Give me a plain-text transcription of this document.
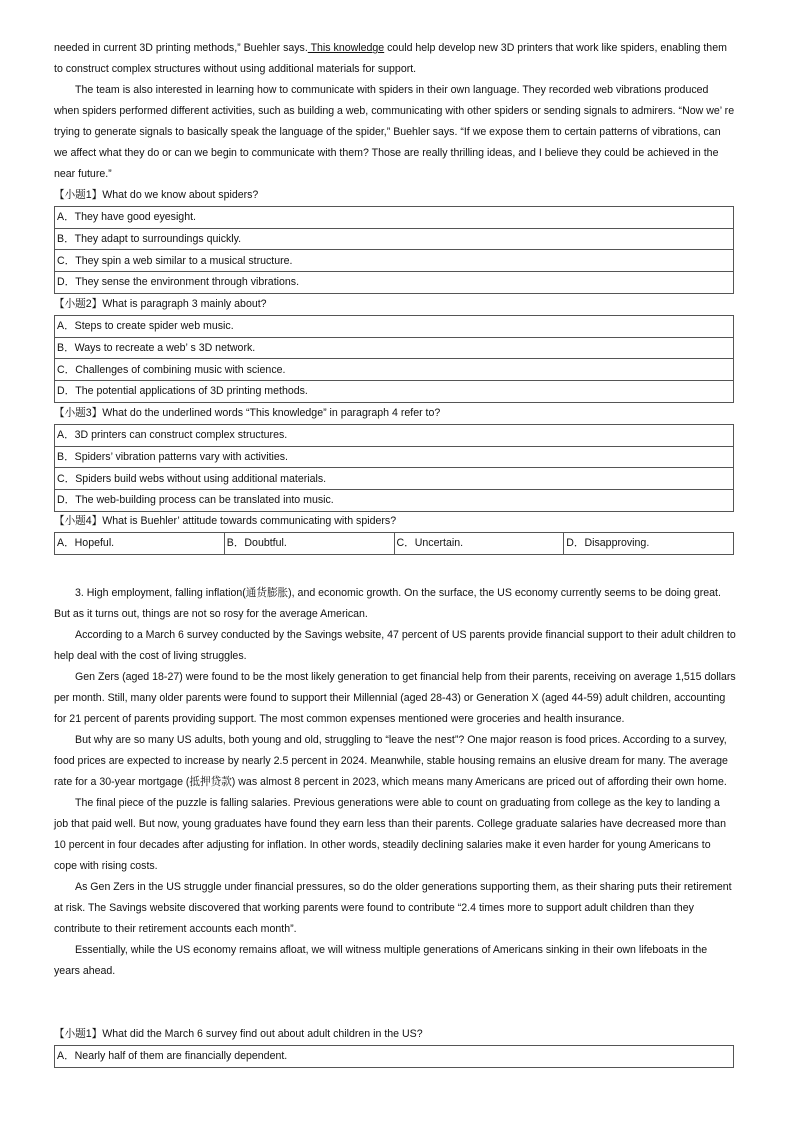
needed in current 3D printing methods,” Buehler says. This knowledge could help develop new 3D printers that work like spiders, enabling them to construct complex structures without using additional materials for support.

The team is also interested in learning how to communicate with spiders in their own language. They recorded web vibrations produced when spiders performed different activities, such as building a web, communicating with other spiders or sending signals to admirers. “Now we’ re trying to generate signals to basically speak the language of the spider,” Buehler says. “If we expose them to certain patterns of vibrations, can we affect what they do or can we begin to communicate with them? Those are really thrilling ideas, and I believe they could be achieved in the near future.”

【小题1】What do we know about spiders?
A．They have good eyesight.
B．They adapt to surroundings quickly.
C．They spin a web similar to a musical structure.
D．They sense the environment through vibrations.
【小题2】What is paragraph 3 mainly about?
A．Steps to create spider web music.
B．Ways to recreate a web’ s 3D network.
C．Challenges of combining music with science.
D．The potential applications of 3D printing methods.
【小题3】What do the underlined words “This knowledge” in paragraph 4 refer to?
A．3D printers can construct complex structures.
B．Spiders’ vibration patterns vary with activities.
C．Spiders build webs without using additional materials.
D．The web-building process can be translated into music.
【小题4】What is Buehler’ attitude towards communicating with spiders?
A．Hopeful.	B．Doubtful.	C．Uncertain.	D．Disapproving.

3. High employment, falling inflation(通货膨胀), and economic growth. On the surface, the US economy currently seems to be doing great. But as it turns out, things are not so rosy for the average American.

According to a March 6 survey conducted by the Savings website, 47 percent of US parents provide financial support to their adult children to help deal with the cost of living struggles.

Gen Zers (aged 18-27) were found to be the most likely generation to get financial help from their parents, receiving on average 1,515 dollars per month. Still, many older parents were found to support their Millennial (aged 28-43) or Generation X (aged 44-59) adult children, accounting for 21 percent of parents providing support. The most common expenses mentioned were groceries and health insurance.

But why are so many US adults, both young and old, struggling to “leave the nest”? One major reason is food prices. According to a survey, food prices are expected to increase by nearly 2.5 percent in 2024. Meanwhile, stable housing remains an elusive dream for many. The average rate for a 30-year mortgage (抵押贷款) was almost 8 percent in 2023, which means many Americans are priced out of affording their own home.

The final piece of the puzzle is falling salaries. Previous generations were able to count on graduating from college as the key to landing a job that paid well. But now, young graduates have found they earn less than their parents. College graduate salaries have decreased more than 10 percent in four decades after adjusting for inflation. In other words, steadily declining salaries make it even harder for young Americans to cope with rising costs.

As Gen Zers in the US struggle under financial pressures, so do the older generations supporting them, as their sharing puts their retirement at risk. The Savings website discovered that working parents were found to contribute “2.4 times more to support adult children than they contribute to their retirement accounts each month”.

Essentially, while the US economy remains afloat, we will witness multiple generations of Americans sinking in their own lifeboats in the years ahead.

【小题1】What did the March 6 survey find out about adult children in the US?
A．Nearly half of them are financially dependent.
